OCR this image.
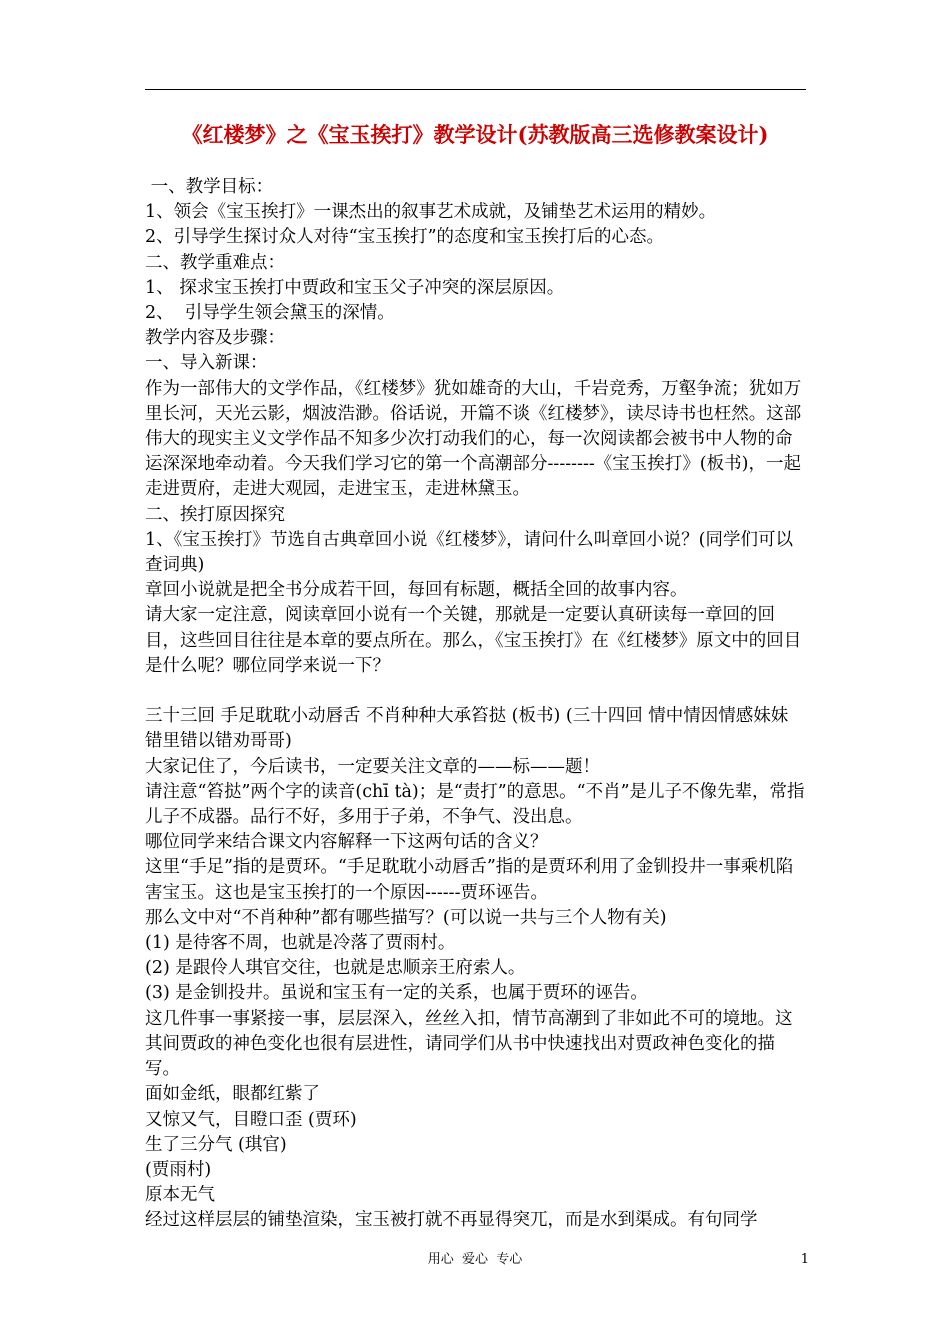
《红楼梦》之《宝玉挨打》教学设计(苏教版高三选修教案设计)

一、教学目标：

1、领会《宝玉挨打》一课杰出的叙事艺术成就，及铺垫艺术运用的精妙。

2、引导学生探讨众人对待“宝玉挨打”的态度和宝玉挨打后的心态。

二、教学重难点：

1、 探求宝玉挨打中贾政和宝玉父子冲突的深层原因。

2、  引导学生领会黛玉的深情。

教学内容及步骤：

一、导入新课：

作为一部伟大的文学作品，《红楼梦》犹如雄奇的大山，千岩竞秀，万壑争流；犹如万里长河，天光云影，烟波浩渺。俗话说，开篇不谈《红楼梦》，读尽诗书也枉然。这部伟大的现实主义文学作品不知多少次打动我们的心，每一次阅读都会被书中人物的命运深深地牵动着。今天我们学习它的第一个高潮部分--------《宝玉挨打》(板书)，一起走进贾府，走进大观园，走进宝玉，走进林黛玉。

二、挨打原因探究

1、《宝玉挨打》节选自古典章回小说《红楼梦》，请问什么叫章回小说？(同学们可以查词典)

章回小说就是把全书分成若干回，每回有标题，概括全回的故事内容。

请大家一定注意，阅读章回小说有一个关键，那就是一定要认真研读每一章回的回目，这些回目往往是本章的要点所在。那么，《宝玉挨打》在《红楼梦》原文中的回目是什么呢？哪位同学来说一下？

三十三回 手足耽耽小动唇舌 不肖种种大承笞挞 (板书) (三十四回 情中情因情感妹妹 错里错以错劝哥哥)

大家记住了，今后读书，一定要关注文章的——标——题！

请注意“笞挞”两个字的读音(chī tà)；是“责打”的意思。“不肖”是儿子不像先辈，常指儿子不成器。品行不好，多用于子弟，不争气、没出息。

哪位同学来结合课文内容解释一下这两句话的含义？

这里“手足”指的是贾环。“手足耽耽小动唇舌”指的是贾环利用了金钏投井一事乘机陷害宝玉。这也是宝玉挨打的一个原因------贾环诬告。

那么文中对“不肖种种”都有哪些描写？(可以说一共与三个人物有关)

(1) 是待客不周，也就是冷落了贾雨村。

(2) 是跟伶人琪官交往，也就是忠顺亲王府索人。

(3) 是金钏投井。虽说和宝玉有一定的关系，也属于贾环的诬告。

这几件事一事紧接一事，层层深入，丝丝入扣，情节高潮到了非如此不可的境地。这其间贾政的神色变化也很有层进性，请同学们从书中快速找出对贾政神色变化的描写。

面如金纸，眼都红紫了

又惊又气，目瞪口歪 (贾环)

生了三分气 (琪官)

(贾雨村)

原本无气

经过这样层层的铺垫渲染，宝玉被打就不再显得突兀，而是水到渠成。有句同学

用心  爱心  专心	1
